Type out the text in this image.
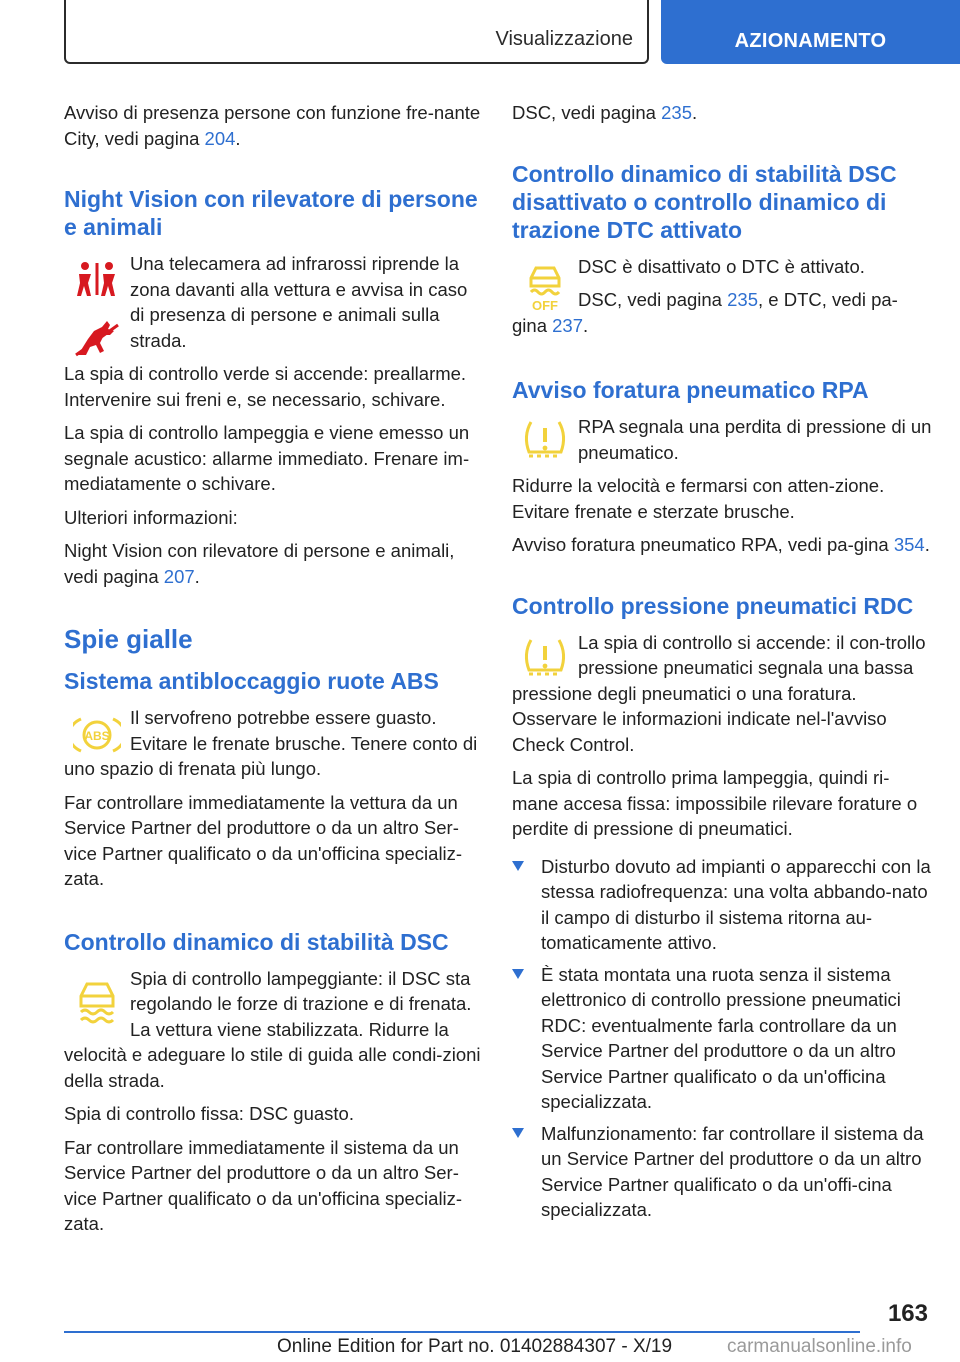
Visualizzazione	AZIONAMENTO

Avviso di presenza persone con funzione fre-nante City, vedi pagina 204.

Night Vision con rilevatore di persone e animali

Una telecamera ad infrarossi riprende la zona davanti alla vettura e avvisa in caso di presenza di persone e animali sulla strada.

La spia di controllo verde si accende: preallarme. Intervenire sui freni e, se necessario, schivare.

La spia di controllo lampeggia e viene emesso un segnale acustico: allarme immediato. Frenare im-mediatamente o schivare.

Ulteriori informazioni:

Night Vision con rilevatore di persone e animali, vedi pagina 207.

Spie gialle
Sistema antibloccaggio ruote ABS
ABS

Il servofreno potrebbe essere guasto. Evitare le frenate brusche. Tenere conto di uno spazio di frenata più lungo.

Far controllare immediatamente la vettura da un Service Partner del produttore o da un altro Ser-vice Partner qualificato o da un'officina specializ-zata.

Controllo dinamico di stabilità DSC

Spia di controllo lampeggiante: il DSC sta regolando le forze di trazione e di frenata. La vettura viene stabilizzata. Ridurre la velocità e adeguare lo stile di guida alle condi-zioni della strada.

Spia di controllo fissa: DSC guasto.

Far controllare immediatamente il sistema da un Service Partner del produttore o da un altro Ser-vice Partner qualificato o da un'officina specializ-zata.

DSC, vedi pagina 235.

Controllo dinamico di stabilità DSC disattivato o controllo dinamico di trazione DTC attivato
OFF

DSC è disattivato o DTC è attivato.

DSC, vedi pagina 235, e DTC, vedi pa-gina 237.

Avviso foratura pneumatico RPA

RPA segnala una perdita di pressione di un pneumatico.

Ridurre la velocità e fermarsi con atten-zione. Evitare frenate e sterzate brusche.

Avviso foratura pneumatico RPA, vedi pa-gina 354.

Controllo pressione pneumatici RDC

La spia di controllo si accende: il con-trollo pressione pneumatici segnala una bassa pressione degli pneumatici o una foratura. Osservare le informazioni indicate nel-l'avviso Check Control.

La spia di controllo prima lampeggia, quindi ri-mane accesa fissa: impossibile rilevare forature o perdite di pressione di pneumatici.

Disturbo dovuto ad impianti o apparecchi con la stessa radiofrequenza: una volta abbando-nato il campo di disturbo il sistema ritorna au-tomaticamente attivo.
È stata montata una ruota senza il sistema elettronico di controllo pressione pneumatici RDC: eventualmente farla controllare da un Service Partner del produttore o da un altro Service Partner qualificato o da un'officina specializzata.
Malfunzionamento: far controllare il sistema da un Service Partner del produttore o da un altro Service Partner qualificato o da un'offi-cina specializzata.
163
Online Edition for Part no. 01402884307 - X/19	carmanualsonline.info
